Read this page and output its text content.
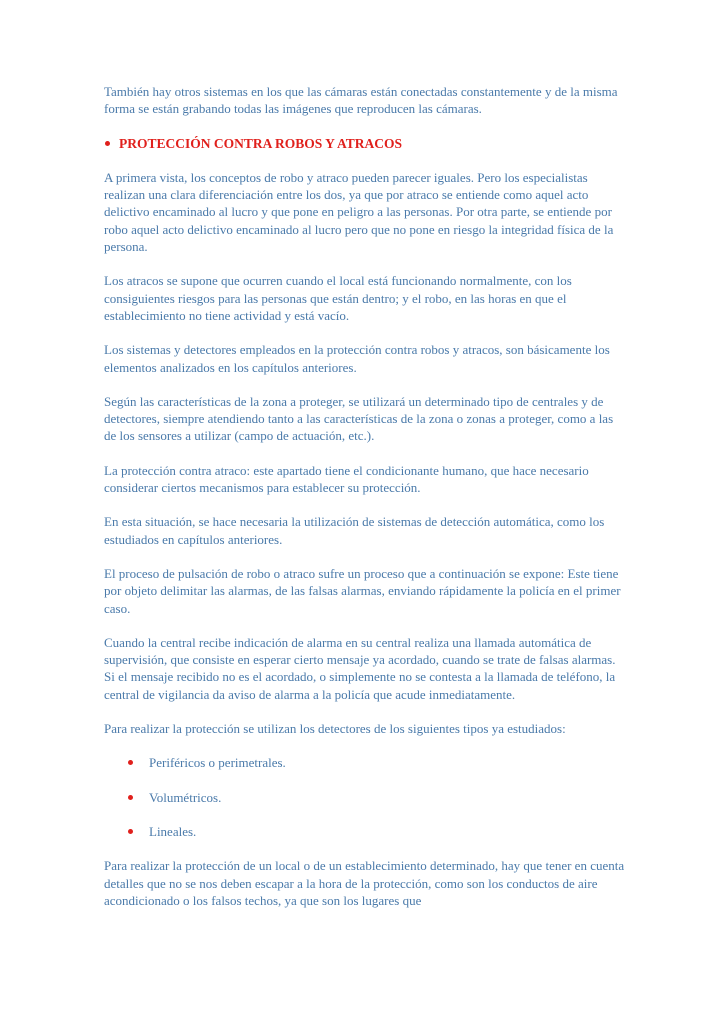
También hay otros sistemas en los que las cámaras están conectadas constantemente y de la misma forma se están grabando todas las imágenes que reproducen las cámaras.

PROTECCIÓN CONTRA ROBOS Y ATRACOS

A primera vista, los conceptos de robo y atraco pueden parecer iguales. Pero los especialistas realizan una clara diferenciación entre los dos, ya que por atraco se entiende como aquel acto delictivo encaminado al lucro y que pone en peligro a las personas. Por otra parte, se entiende por robo aquel acto delictivo encaminado al lucro pero que no pone en riesgo la integridad física de la persona.

Los atracos se supone que ocurren cuando el local está funcionando normalmente, con los consiguientes riesgos para las personas que están dentro; y el robo, en las horas en que el establecimiento no tiene actividad y está vacío.

Los sistemas y detectores empleados en la protección contra robos y atracos, son básicamente los elementos analizados en los capítulos anteriores.

Según las características de la zona a proteger, se utilizará un determinado tipo de centrales y de detectores, siempre atendiendo tanto a las características de la zona o zonas a proteger, como a las de los sensores a utilizar (campo de actuación, etc.).

La protección contra atraco: este apartado tiene el condicionante humano, que hace necesario considerar ciertos mecanismos para establecer su protección.

En esta situación, se hace necesaria la utilización de sistemas de detección automática, como los estudiados en capítulos anteriores.

El proceso de pulsación de robo o atraco sufre un proceso que a continuación se expone: Este tiene por objeto delimitar las alarmas, de las falsas alarmas, enviando rápidamente la policía en el primer caso.

Cuando la central recibe indicación de alarma en su central realiza una llamada automática de supervisión, que consiste en esperar cierto mensaje ya acordado, cuando se trate de falsas alarmas. Si el mensaje recibido no es el acordado, o simplemente no se contesta a la llamada de teléfono, la central de vigilancia da aviso de alarma a la policía que acude inmediatamente.

Para realizar la protección se utilizan los detectores de los siguientes tipos ya estudiados:

Periféricos o perimetrales.
Volumétricos.
Lineales.

Para realizar la protección de un local o de un establecimiento determinado, hay que tener en cuenta detalles que no se nos deben escapar a la hora de la protección, como son los conductos de aire acondicionado o los falsos techos, ya que son los lugares que
